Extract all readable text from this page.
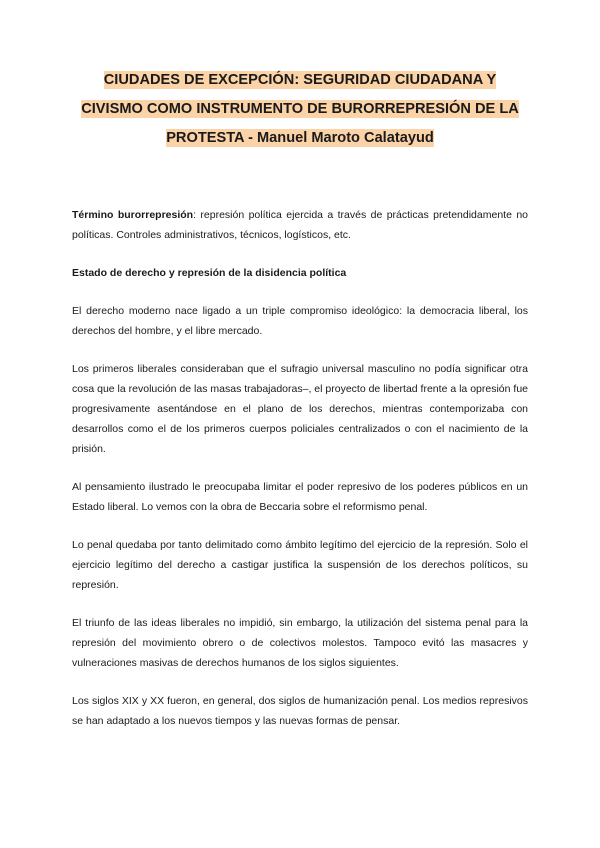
CIUDADES DE EXCEPCIÓN: SEGURIDAD CIUDADANA Y
CIVISMO COMO INSTRUMENTO DE BURORREPRESIÓN DE LA
PROTESTA - Manuel Maroto Calatayud

Término burorrepresión: represión política ejercida a través de prácticas pretendidamente no políticas. Controles administrativos, técnicos, logísticos, etc.

Estado de derecho y represión de la disidencia política

El derecho moderno nace ligado a un triple compromiso ideológico: la democracia liberal, los derechos del hombre, y el libre mercado.

Los primeros liberales consideraban que el sufragio universal masculino no podía significar otra cosa que la revolución de las masas trabajadoras–, el proyecto de libertad frente a la opresión fue progresivamente asentándose en el plano de los derechos, mientras contemporizaba con desarrollos como el de los primeros cuerpos policiales centralizados o con el nacimiento de la prisión.

Al pensamiento ilustrado le preocupaba limitar el poder represivo de los poderes públicos en un Estado liberal. Lo vemos con la obra de Beccaria sobre el reformismo penal.

Lo penal quedaba por tanto delimitado como ámbito legítimo del ejercicio de la represión. Solo el ejercicio legítimo del derecho a castigar justifica la suspensión de los derechos políticos, su represión.

El triunfo de las ideas liberales no impidió, sin embargo, la utilización del sistema penal para la represión del movimiento obrero o de colectivos molestos. Tampoco evitó las masacres y vulneraciones masivas de derechos humanos de los siglos siguientes.

Los siglos XIX y XX fueron, en general, dos siglos de humanización penal. Los medios represivos se han adaptado a los nuevos tiempos y las nuevas formas de pensar.
